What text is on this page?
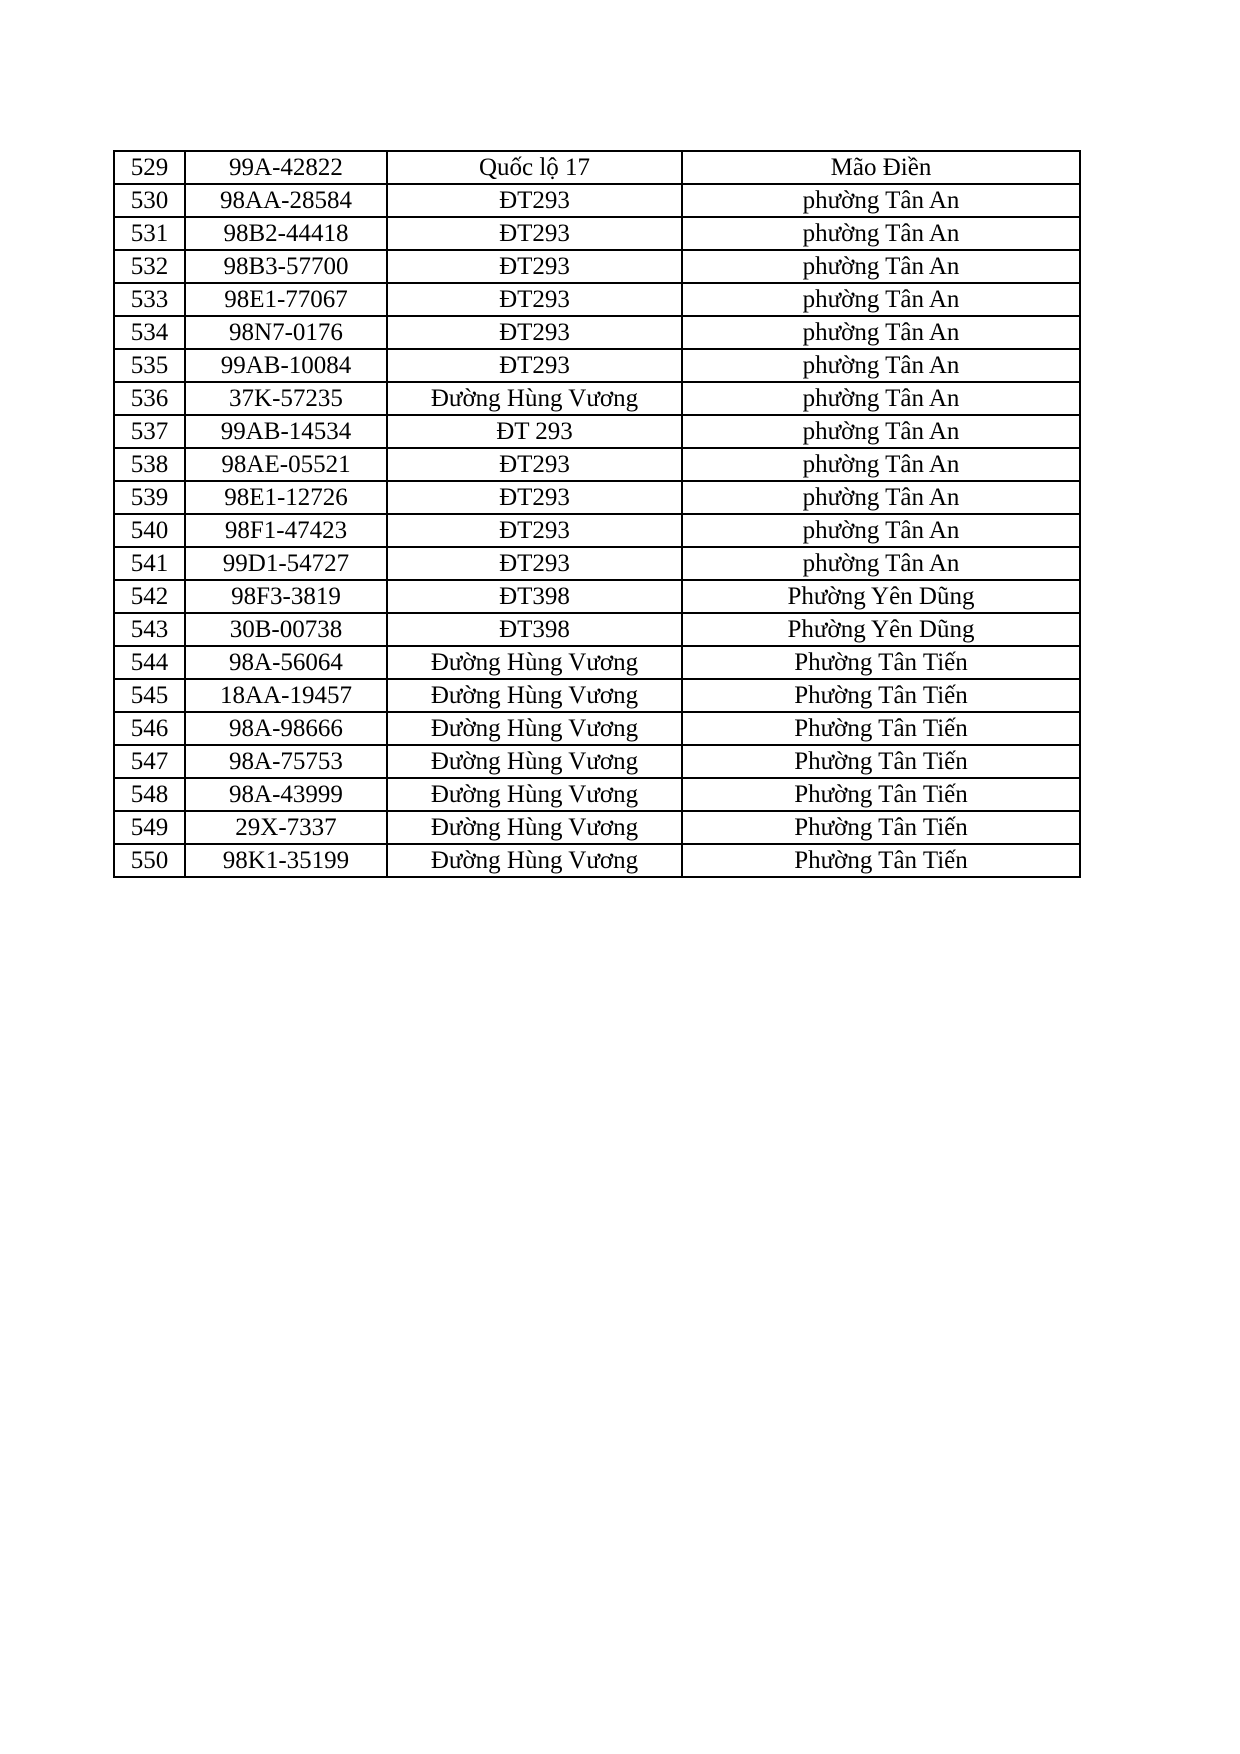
529	99A-42822	Quốc lộ 17	Mão Điền
530	98AA-28584	ĐT293	phường Tân An
531	98B2-44418	ĐT293	phường Tân An
532	98B3-57700	ĐT293	phường Tân An
533	98E1-77067	ĐT293	phường Tân An
534	98N7-0176	ĐT293	phường Tân An
535	99AB-10084	ĐT293	phường Tân An
536	37K-57235	Đường Hùng Vương	phường Tân An
537	99AB-14534	ĐT 293	phường Tân An
538	98AE-05521	ĐT293	phường Tân An
539	98E1-12726	ĐT293	phường Tân An
540	98F1-47423	ĐT293	phường Tân An
541	99D1-54727	ĐT293	phường Tân An
542	98F3-3819	ĐT398	Phường Yên Dũng
543	30B-00738	ĐT398	Phường Yên Dũng
544	98A-56064	Đường Hùng Vương	Phường Tân Tiến
545	18AA-19457	Đường Hùng Vương	Phường Tân Tiến
546	98A-98666	Đường Hùng Vương	Phường Tân Tiến
547	98A-75753	Đường Hùng Vương	Phường Tân Tiến
548	98A-43999	Đường Hùng Vương	Phường Tân Tiến
549	29X-7337	Đường Hùng Vương	Phường Tân Tiến
550	98K1-35199	Đường Hùng Vương	Phường Tân Tiến
